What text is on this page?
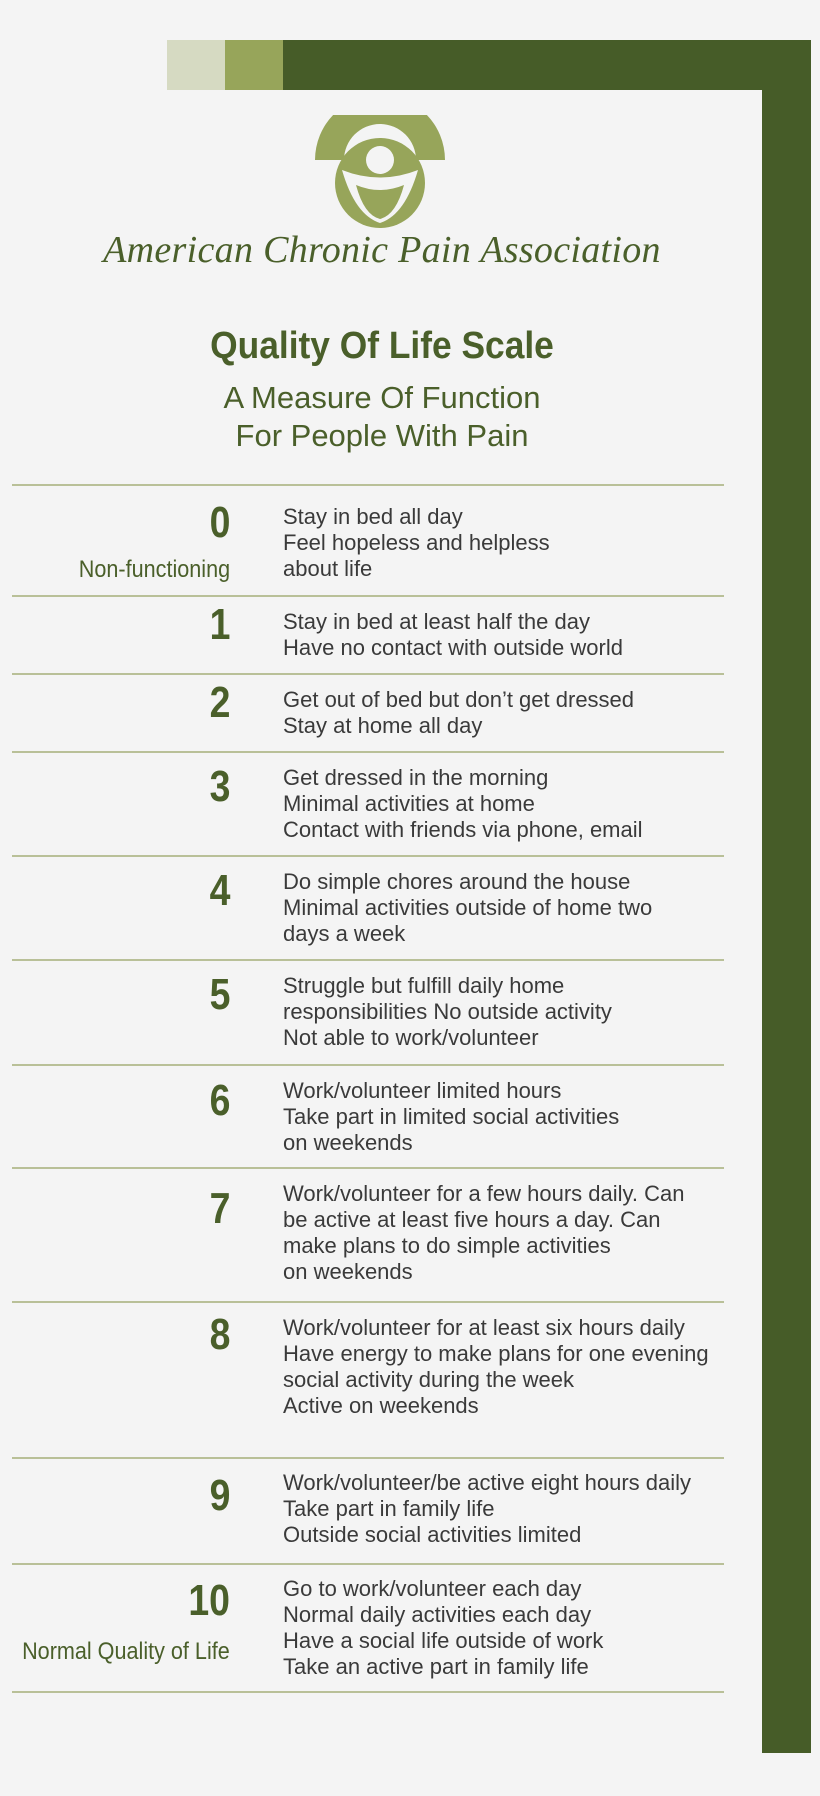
American Chronic Pain Association
Quality Of Life Scale
A Measure Of Function
For People With Pain
0
Non-functioning
Stay in bed all day
Feel hopeless and helpless
about life
1 Stay in bed at least half the day
Have no contact with outside world
2 Get out of bed but don’t get dressed
Stay at home all day
3 Get dressed in the morning
Minimal activities at home
Contact with friends via phone, email
4 Do simple chores around the house
Minimal activities outside of home two
days a week
5 Struggle but fulfill daily home
responsibilities No outside activity
Not able to work/volunteer
6 Work/volunteer limited hours
Take part in limited social activities
on weekends
7 Work/volunteer for a few hours daily. Can
be active at least five hours a day. Can
make plans to do simple activities
on weekends
8 Work/volunteer for at least six hours daily
Have energy to make plans for one evening
social activity during the week
Active on weekends
9 Work/volunteer/be active eight hours daily
Take part in family life
Outside social activities limited
10
Normal Quality of Life
Go to work/volunteer each day
Normal daily activities each day
Have a social life outside of work
Take an active part in family life
